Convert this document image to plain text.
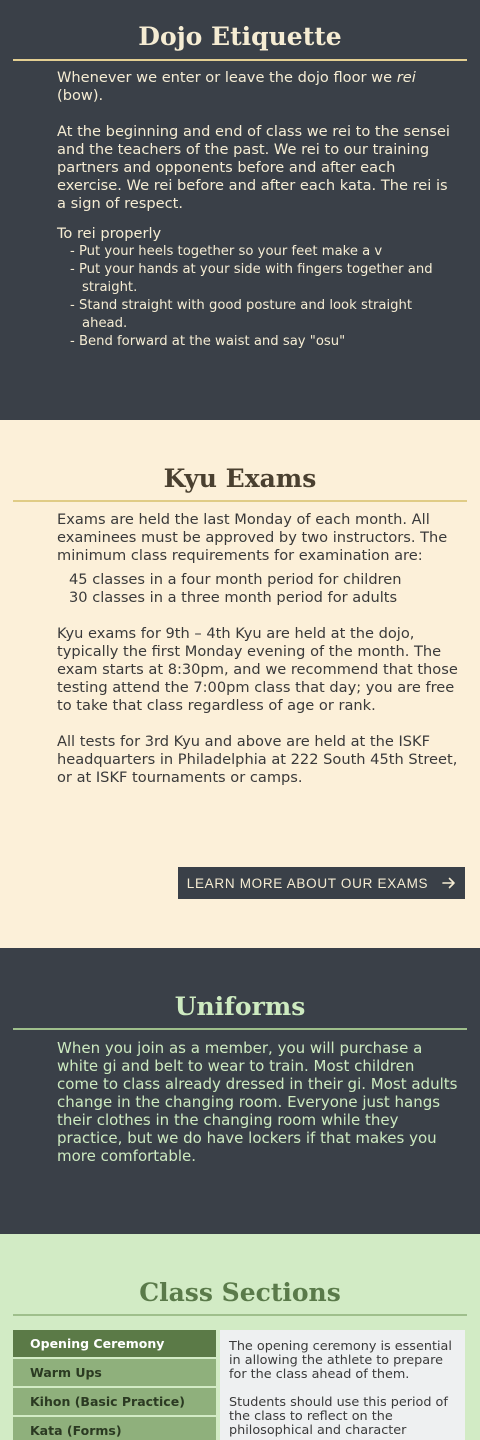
Dojo Etiquette

Whenever we enter or leave the dojo floor we rei (bow).

At the beginning and end of class we rei to the sensei and the teachers of the past. We rei to our training partners and opponents before and after each exercise. We rei before and after each kata. The rei is a sign of respect.

To rei properly

- Put your heels together so your feet make a v
- Put your hands at your side with fingers together and straight.
- Stand straight with good posture and look straight ahead.
- Bend forward at the waist and say "osu"
Kyu Exams

Exams are held the last Monday of each month. All examinees must be approved by two instructors. The minimum class requirements for examination are:

45 classes in a four month period for children
30 classes in a three month period for adults

Kyu exams for 9th – 4th Kyu are held at the dojo, typically the first Monday evening of the month. The exam starts at 8:30pm, and we recommend that those testing attend the 7:00pm class that day; you are free to take that class regardless of age or rank.

All tests for 3rd Kyu and above are held at the ISKF headquarters in Philadelphia at 222 South 45th Street, or at ISKF tournaments or camps.

LEARN MORE ABOUT OUR EXAMS
Uniforms

When you join as a member, you will purchase a white gi and belt to wear to train. Most children come to class already dressed in their gi. Most adults change in the changing room. Everyone just hangs their clothes in the changing room while they practice, but we do have lockers if that makes you more comfortable.

Class Sections
Opening Ceremony
Warm Ups
Kihon (Basic Practice)
Kata (Forms)

The opening ceremony is essential in allowing the athlete to prepare for the class ahead of them.

Students should use this period of the class to reflect on the philosophical and character
